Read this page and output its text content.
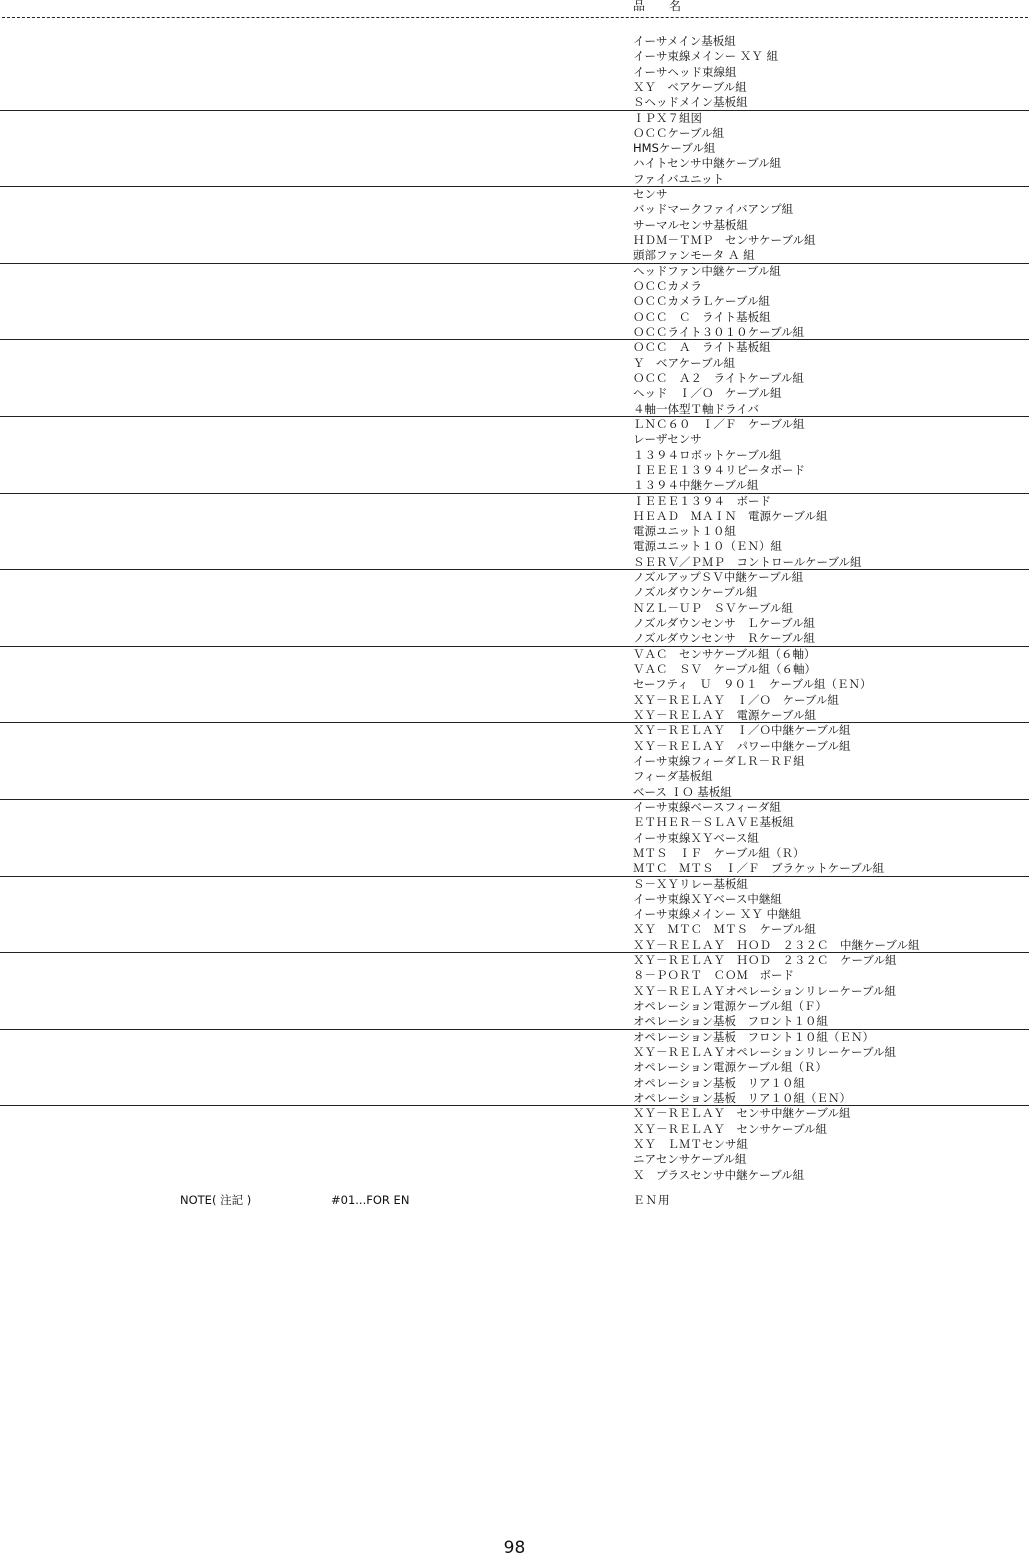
品　名
イーサメイン基板組
イーサ束線メインー ＸＹ 組
イーサヘッド束線組
ＸＹ　ベアケーブル組
Ｓヘッドメイン基板組
ＩＰＸ７組図
ＯＣＣケーブル組
HMSケーブル組
ハイトセンサ中継ケーブル組
ファイバユニット
センサ
バッドマークファイバアンプ組
サーマルセンサ基板組
ＨＤＭ－ＴＭＰ　センサケーブル組
頭部ファンモータ Ａ 組
ヘッドファン中継ケーブル組
ＯＣＣカメラ
ＯＣＣカメラＬケーブル組
ＯＣＣ　Ｃ　ライト基板組
ＯＣＣライト３０１０ケーブル組
ＯＣＣ　Ａ　ライト基板組
Ｙ　ベアケーブル組
ＯＣＣ　Ａ２　ライトケーブル組
ヘッド　Ｉ／Ｏ　ケーブル組
４軸一体型Ｔ軸ドライバ
ＬＮＣ６０　Ｉ／Ｆ　ケーブル組
レーザセンサ
１３９４ロボットケーブル組
ＩＥＥＥ１３９４リピータボード
１３９４中継ケーブル組
ＩＥＥＥ１３９４　ボード
ＨＥＡＤ　ＭＡＩＮ　電源ケーブル組
電源ユニット１０組
電源ユニット１０（ＥＮ）組
ＳＥＲＶ／ＰＭＰ　コントロールケーブル組
ノズルアップＳＶ中継ケーブル組
ノズルダウンケーブル組
ＮＺＬ－ＵＰ　ＳＶケーブル組
ノズルダウンセンサ　Ｌケーブル組
ノズルダウンセンサ　Ｒケーブル組
ＶＡＣ　センサケーブル組（６軸）
ＶＡＣ　ＳＶ　ケーブル組（６軸）
セーフティ　Ｕ　９０１　ケーブル組（ＥＮ）
ＸＹ－ＲＥＬＡＹ　Ｉ／Ｏ　ケーブル組
ＸＹ－ＲＥＬＡＹ　電源ケーブル組
ＸＹ－ＲＥＬＡＹ　Ｉ／Ｏ中継ケーブル組
ＸＹ－ＲＥＬＡＹ　パワー中継ケーブル組
イーサ束線フィーダＬＲ－ＲＦ組
フィーダ基板組
ベース ＩＯ 基板組
イーサ束線ベースフィーダ組
ＥＴＨＥＲ－ＳＬＡＶＥ基板組
イーサ束線ＸＹベース組
ＭＴＳ　ＩＦ　ケーブル組（Ｒ）
ＭＴＣ　ＭＴＳ　Ｉ／Ｆ　ブラケットケーブル組
Ｓ－ＸＹリレー基板組
イーサ束線ＸＹベース中継組
イーサ束線メインー ＸＹ 中継組
ＸＹ　ＭＴＣ　ＭＴＳ　ケーブル組
ＸＹ－ＲＥＬＡＹ　ＨＯＤ　２３２Ｃ　中継ケーブル組
ＸＹ－ＲＥＬＡＹ　ＨＯＤ　２３２Ｃ　ケーブル組
８－ＰＯＲＴ　ＣＯＭ　ボード
ＸＹ－ＲＥＬＡＹオペレーションリレーケーブル組
オペレーション電源ケーブル組（Ｆ）
オペレーション基板　フロント１０組
オペレーション基板　フロント１０組（ＥＮ）
ＸＹ－ＲＥＬＡＹオペレーションリレーケーブル組
オペレーション電源ケーブル組（Ｒ）
オペレーション基板　リア１０組
オペレーション基板　リア１０組（ＥＮ）
ＸＹ－ＲＥＬＡＹ　センサ中継ケーブル組
ＸＹ－ＲＥＬＡＹ　センサケーブル組
ＸＹ　ＬＭＴセンサ組
ニアセンサケーブル組
Ｘ　プラスセンサ中継ケーブル組
NOTE( 注記 )	#01...FOR EN	ＥＮ用
98
